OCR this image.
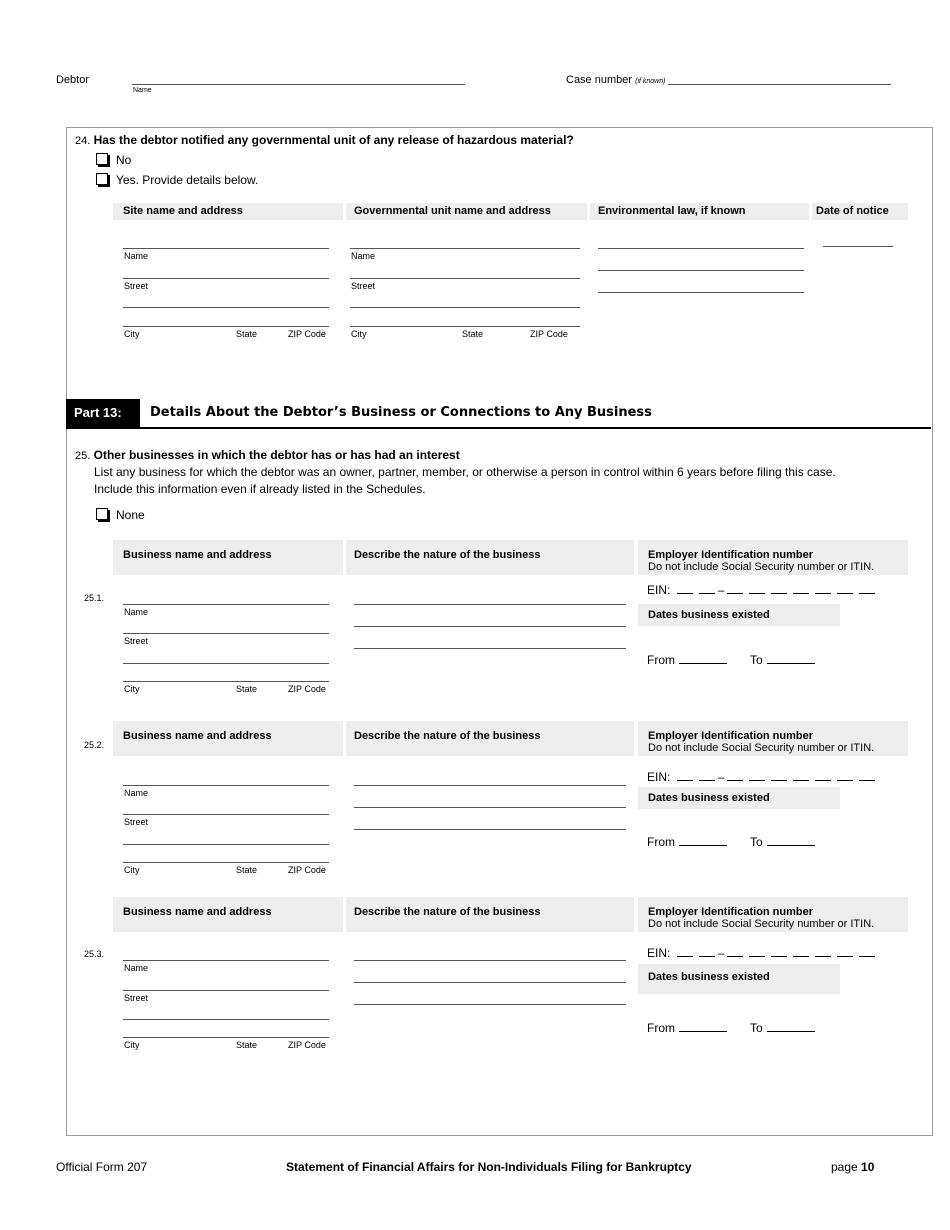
Debtor
Name
Case number (if known)
24. Has the debtor notified any governmental unit of any release of hazardous material?
No
Yes. Provide details below.
Site name and address	Governmental unit name and address	Environmental law, if known	Date of notice
Name
Street
City	State	ZIP Code
Name
Street
City	State	ZIP Code
Part 13:	Details About the Debtor’s Business or Connections to Any Business
25. Other businesses in which the debtor has or has had an interest
List any business for which the debtor was an owner, partner, member, or otherwise a person in control within 6 years before filing this case.
Include this information even if already listed in the Schedules.
None
Business name and address	Describe the nature of the business	Employer Identification number
Do not include Social Security number or ITIN.
25.1.
Name
Street
City	State	ZIP Code
EIN:	–
Dates business existed
From	To
Business name and address	Describe the nature of the business	Employer Identification number
Do not include Social Security number or ITIN.
25.2.
Name
Street
City	State	ZIP Code
EIN:	–
Dates business existed
From	To
Business name and address	Describe the nature of the business	Employer Identification number
Do not include Social Security number or ITIN.
25.3.
Name
Street
City	State	ZIP Code
EIN:	–
Dates business existed
From	To
Official Form 207	Statement of Financial Affairs for Non-Individuals Filing for Bankruptcy	page 10
